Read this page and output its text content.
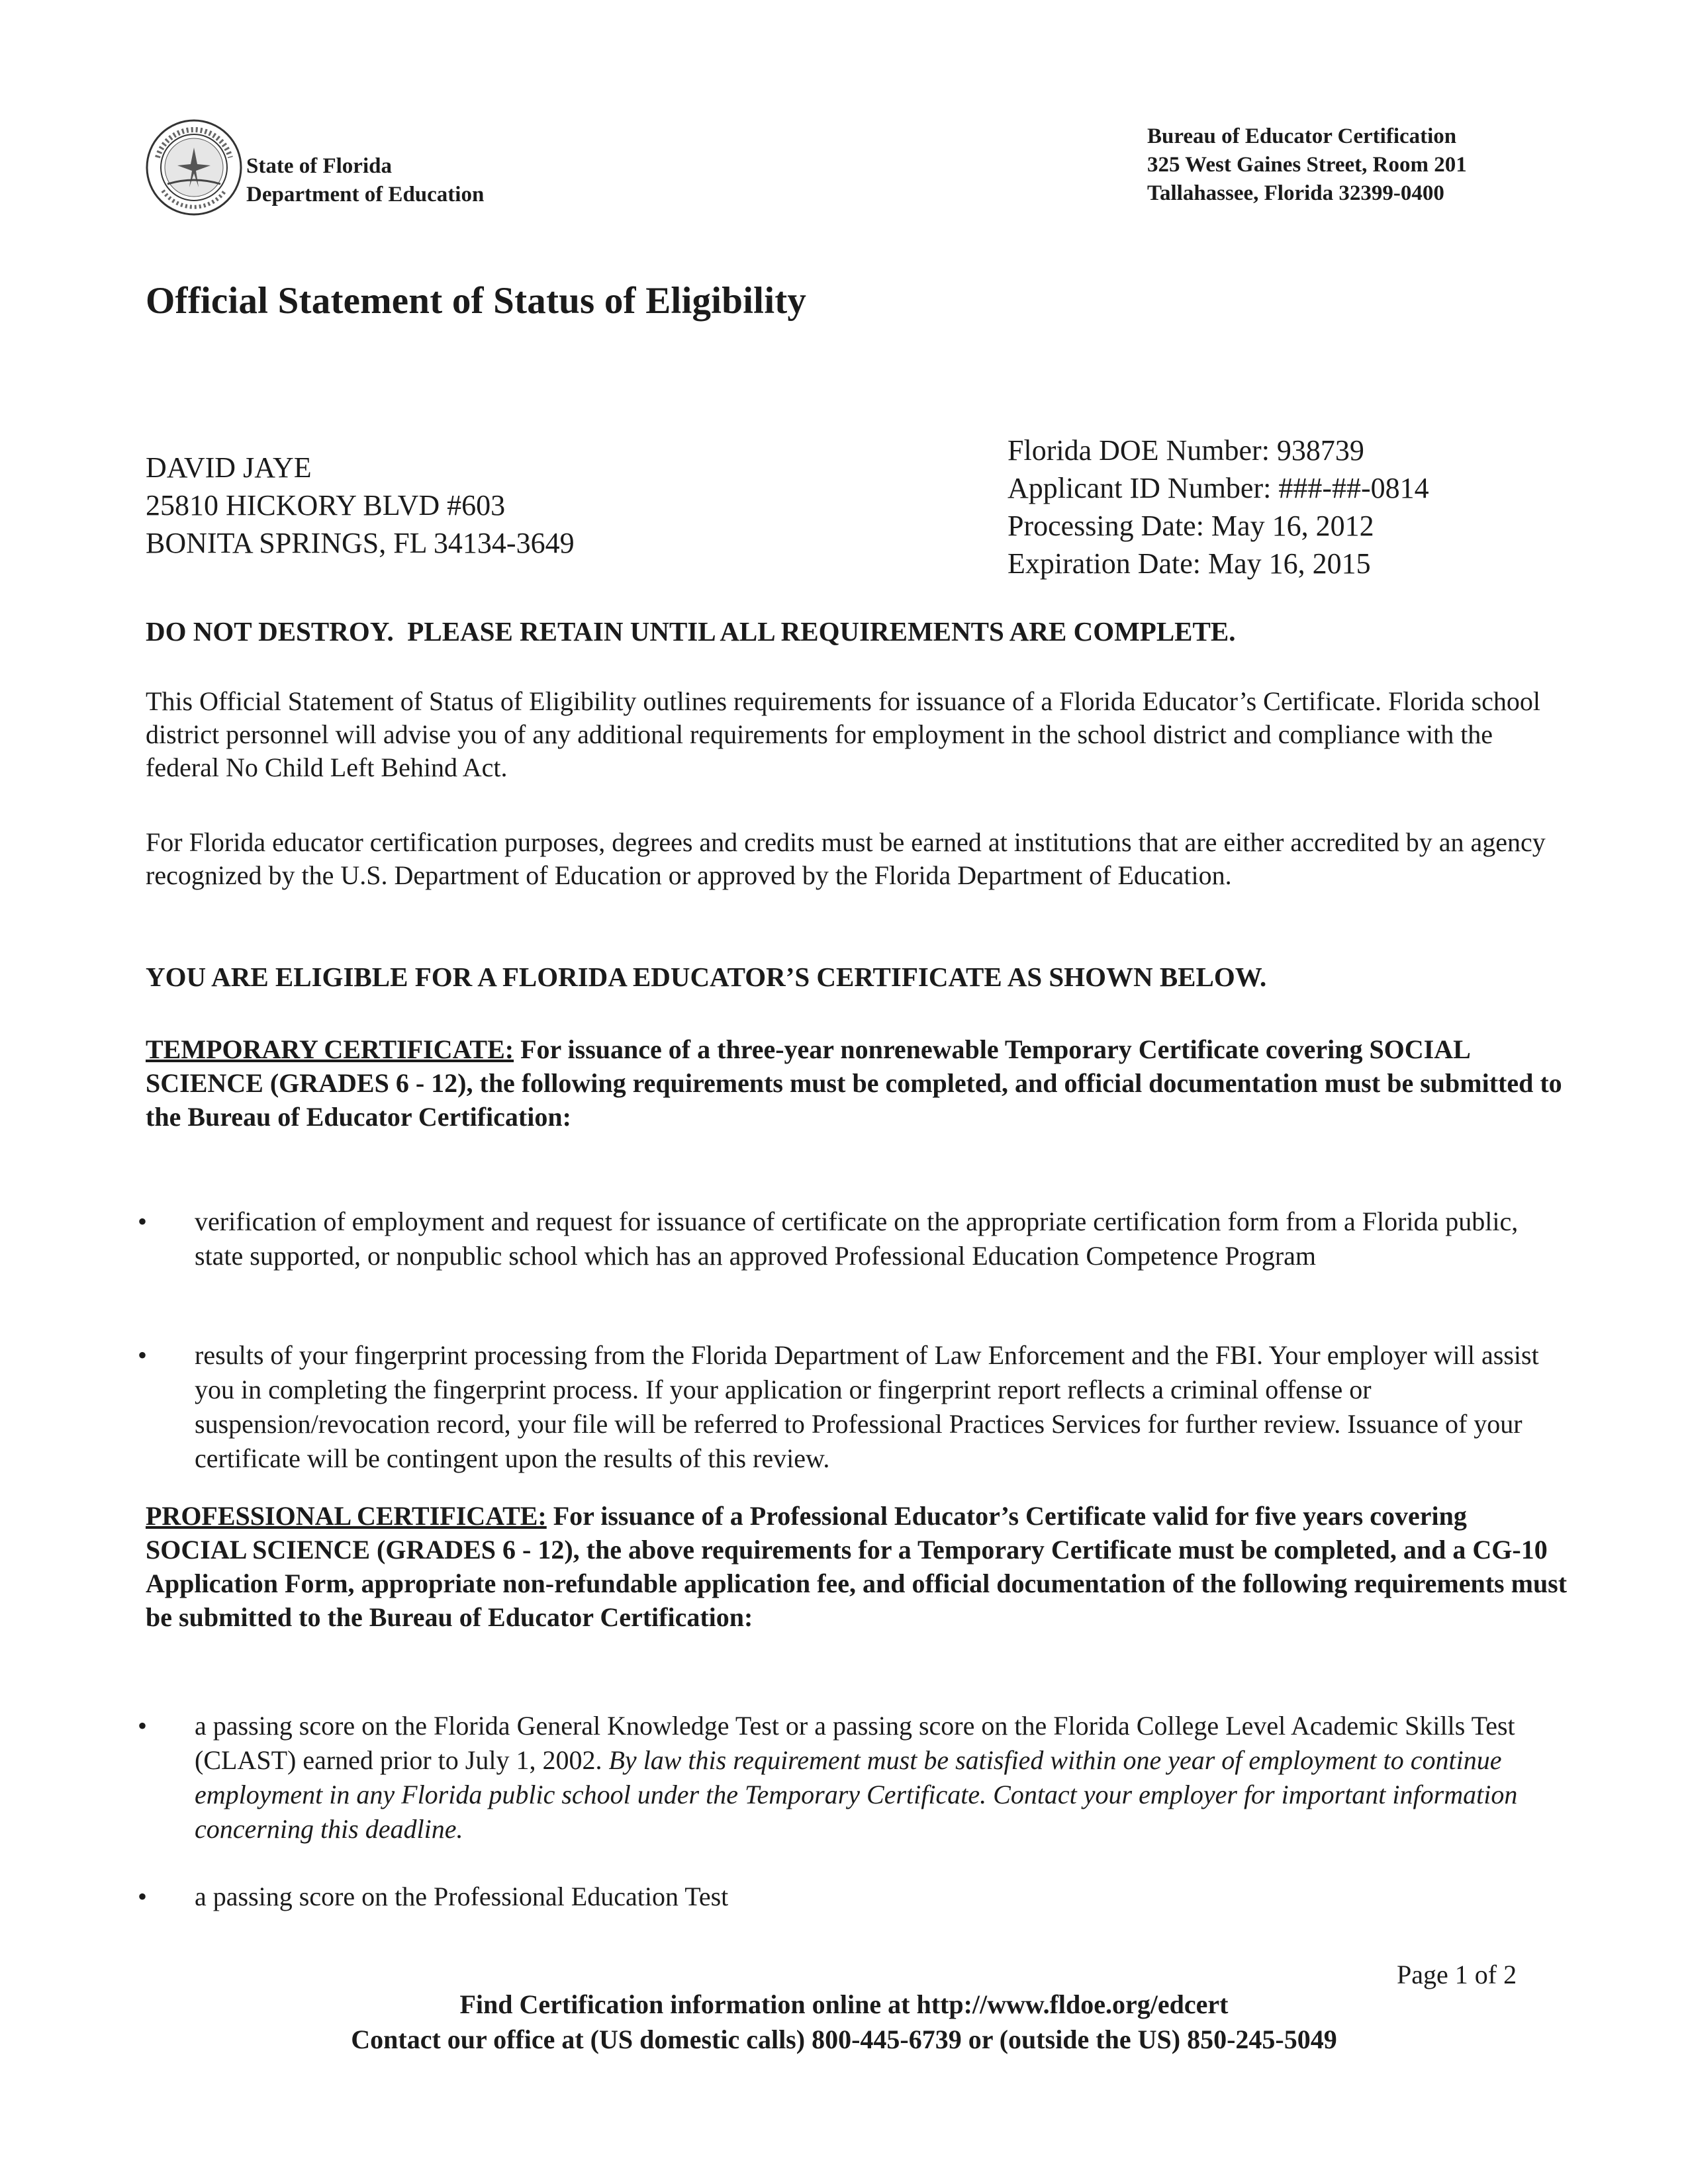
State of Florida
Department of Education
Bureau of Educator Certification
325 West Gaines Street, Room 201
Tallahassee, Florida 32399-0400
Official Statement of Status of Eligibility
DAVID JAYE
25810 HICKORY BLVD #603
BONITA SPRINGS, FL 34134-3649
Florida DOE Number: 938739
Applicant ID Number: ###-##-0814
Processing Date: May 16, 2012
Expiration Date: May 16, 2015
DO NOT DESTROY.  PLEASE RETAIN UNTIL ALL REQUIREMENTS ARE COMPLETE.
This Official Statement of Status of Eligibility outlines requirements for issuance of a Florida Educator’s Certificate. Florida school district personnel will advise you of any additional requirements for employment in the school district and compliance with the federal No Child Left Behind Act.
For Florida educator certification purposes, degrees and credits must be earned at institutions that are either accredited by an agency recognized by the U.S. Department of Education or approved by the Florida Department of Education.
YOU ARE ELIGIBLE FOR A FLORIDA EDUCATOR’S CERTIFICATE AS SHOWN BELOW.
TEMPORARY CERTIFICATE: For issuance of a three-year nonrenewable Temporary Certificate covering SOCIAL SCIENCE (GRADES 6 - 12), the following requirements must be completed, and official documentation must be submitted to the Bureau of Educator Certification:
•	verification of employment and request for issuance of certificate on the appropriate certification form from a Florida public, state supported, or nonpublic school which has an approved Professional Education Competence Program
•	results of your fingerprint processing from the Florida Department of Law Enforcement and the FBI. Your employer will assist you in completing the fingerprint process. If your application or fingerprint report reflects a criminal offense or suspension/revocation record, your file will be referred to Professional Practices Services for further review. Issuance of your certificate will be contingent upon the results of this review.
PROFESSIONAL CERTIFICATE: For issuance of a Professional Educator’s Certificate valid for five years covering SOCIAL SCIENCE (GRADES 6 - 12), the above requirements for a Temporary Certificate must be completed, and a CG-10 Application Form, appropriate non-refundable application fee, and official documentation of the following requirements must be submitted to the Bureau of Educator Certification:
•	a passing score on the Florida General Knowledge Test or a passing score on the Florida College Level Academic Skills Test (CLAST) earned prior to July 1, 2002. By law this requirement must be satisfied within one year of employment to continue employment in any Florida public school under the Temporary Certificate. Contact your employer for important information concerning this deadline.
•	a passing score on the Professional Education Test
Page 1 of 2
Find Certification information online at http://www.fldoe.org/edcert
Contact our office at (US domestic calls) 800-445-6739 or (outside the US) 850-245-5049
